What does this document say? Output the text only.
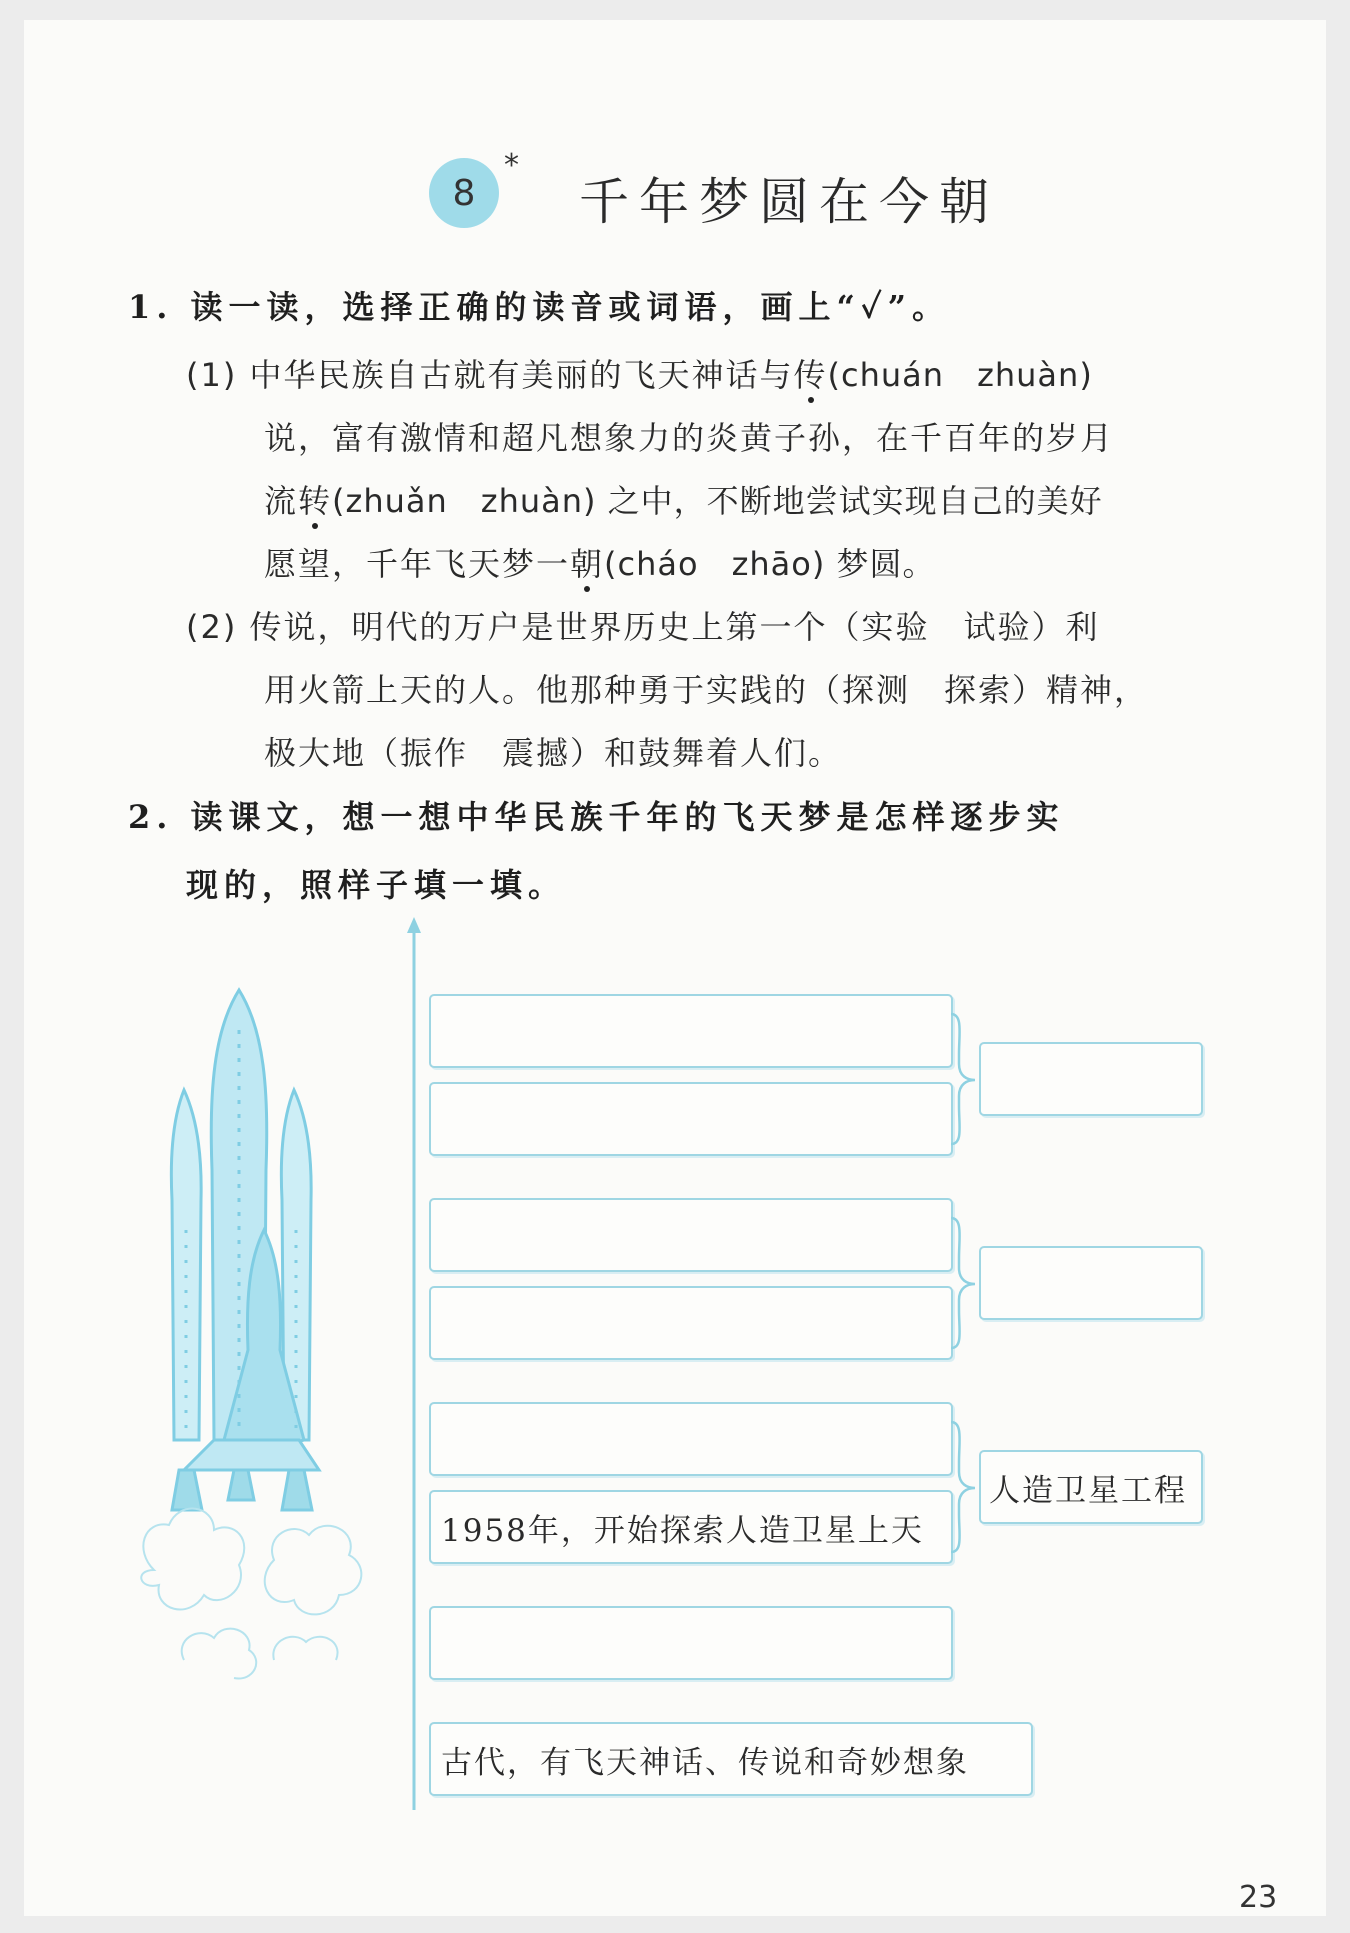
8
*
千年梦圆在今朝
1. 读一读，选择正确的读音或词语，画上“✓”。
(1) 中华民族自古就有美丽的飞天神话与传(chuán　zhuàn)
说，富有激情和超凡想象力的炎黄子孙，在千百年的岁月
流转(zhuǎn　zhuàn) 之中，不断地尝试实现自己的美好
愿望，千年飞天梦一朝(cháo　zhāo) 梦圆。
(2) 传说，明代的万户是世界历史上第一个（实验　试验）利
用火箭上天的人。他那种勇于实践的（探测　探索）精神，
极大地（振作　震撼）和鼓舞着人们。
2. 读课文，想一想中华民族千年的飞天梦是怎样逐步实
现的，照样子填一填。
1958年，开始探索人造卫星上天
古代，有飞天神话、传说和奇妙想象
人造卫星工程
23
